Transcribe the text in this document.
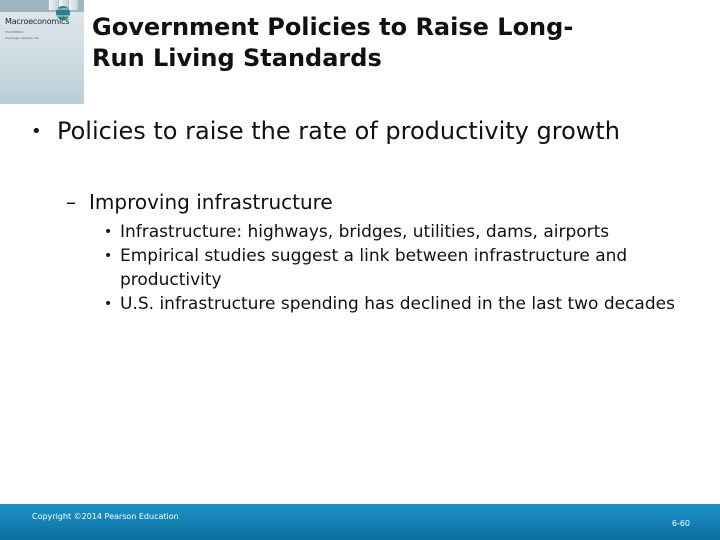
GLOBAL EDITION
Macroeconomics
Third Edition
Acemoglu Laibson List Government Policies to Raise Long-
Run Living Standards
• Policies to raise the rate of productivity growth
– Improving infrastructure
• Infrastructure: highways, bridges, utilities, dams, airports
• Empirical studies suggest a link between infrastructure and productivity
• U.S. infrastructure spending has declined in the last two decades
Copyright ©2014 Pearson Education
6-60
